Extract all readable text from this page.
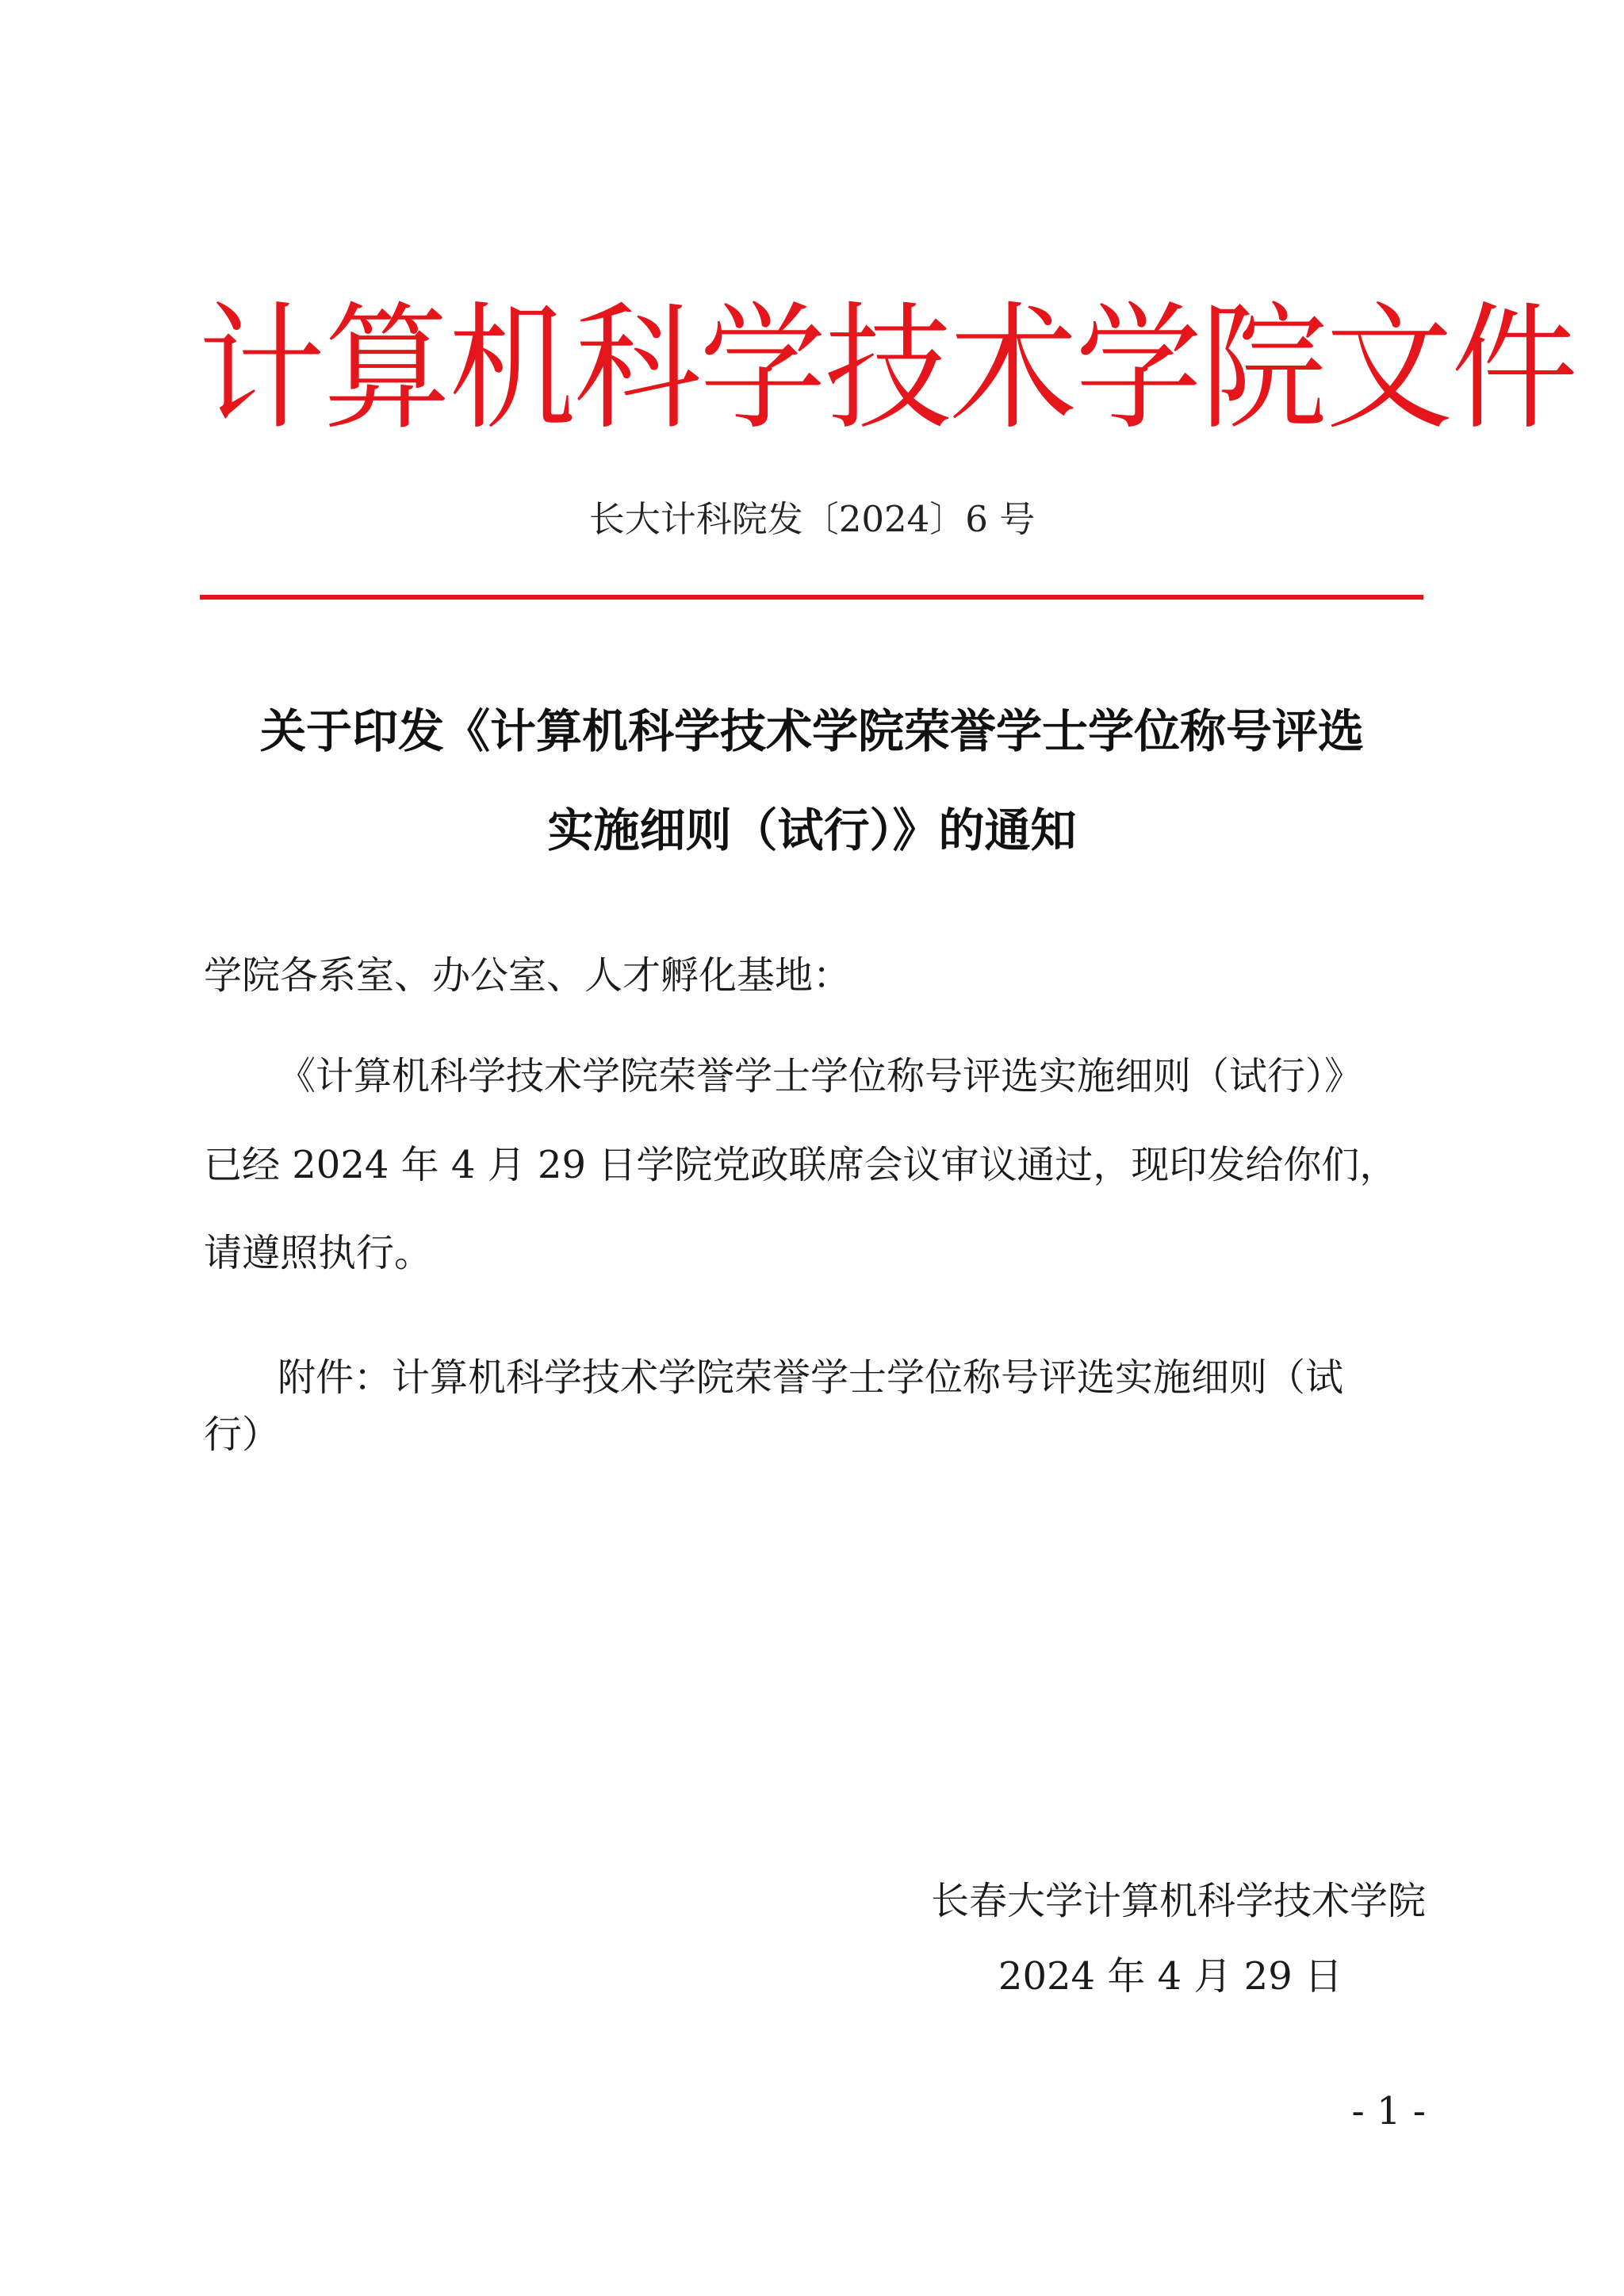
计算机科学技术学院文件
长大计科院发〔2024〕6 号
关于印发《计算机科学技术学院荣誉学士学位称号评选
实施细则（试行）》的通知
学院各系室、办公室、人才孵化基地：
《计算机科学技术学院荣誉学士学位称号评选实施细则（试行）》
已经 2024 年 4 月 29 日学院党政联席会议审议通过，现印发给你们，
请遵照执行。
附件：计算机科学技术学院荣誉学士学位称号评选实施细则（试
行）
长春大学计算机科学技术学院
2024 年 4 月 29 日
- 1 -
